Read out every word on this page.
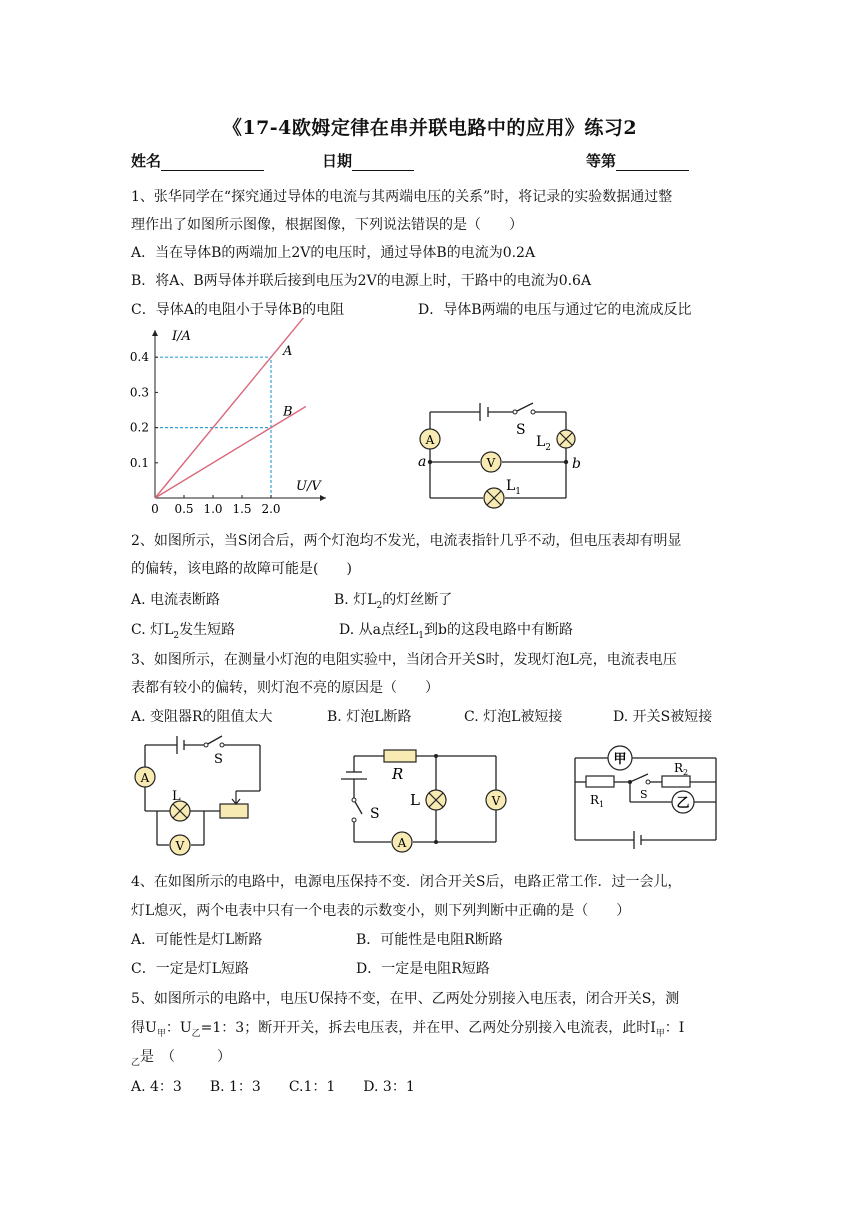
《17-4欧姆定律在串并联电路中的应用》练习2
姓名	日期	等第
1、张华同学在“探究通过导体的电流与其两端电压的关系”时，将记录的实验数据通过整
理作出了如图所示图像，根据图像，下列说法错误的是（　　）
A．当在导体B的两端加上2V的电压时，通过导体B的电流为0.2A
B．将A、B两导体并联后接到电压为2V的电源上时，干路中的电流为0.6A
C．导体A的电阻小于导体B的电阻	D．导体B两端的电压与通过它的电流成反比
0 0.5 1.0 1.5 2.0
0.1
0.2
0.3
0.4	A
B
I/A
U/V
A
V
S
$L_2$
$L_1$
a	b
2、如图所示，当S闭合后，两个灯泡均不发光，电流表指针几乎不动，但电压表却有明显
的偏转，该电路的故障可能是(　　)
A. 电流表断路	B. 灯$L_2$的灯丝断了
C. 灯$L_2$发生短路	D. 从a点经$L_1$到b的这段电路中有断路
3、如图所示，在测量小灯泡的电阻实验中，当闭合开关S时，发现灯泡L亮，电流表电压
表都有较小的偏转，则灯泡不亮的原因是（　　）
A. 变阻器R的阻值太大	B. 灯泡L断路	C. 灯泡L被短接	D. 开关S被短接
A
V
S
L	V
A
R
S
L
甲
乙
$R_1$
$R_2$
S
4、在如图所示的电路中，电源电压保持不变．闭合开关S后，电路正常工作．过一会儿，
灯L熄灭，两个电表中只有一个电表的示数变小，则下列判断中正确的是（　　）
A．可能性是灯L断路	B．可能性是电阻R断路
C．一定是灯L短路	D．一定是电阻R短路
5、如图所示的电路中，电压U保持不变，在甲、乙两处分别接入电压表，闭合开关S，测
得$U_甲$：$U_乙=1$：3；断开开关，拆去电压表，并在甲、乙两处分别接入电流表，此时$I_甲$：I
$_乙$是　（　　　）
A. 4：3　　B. 1：3　　C.1：1　　D. 3：1
